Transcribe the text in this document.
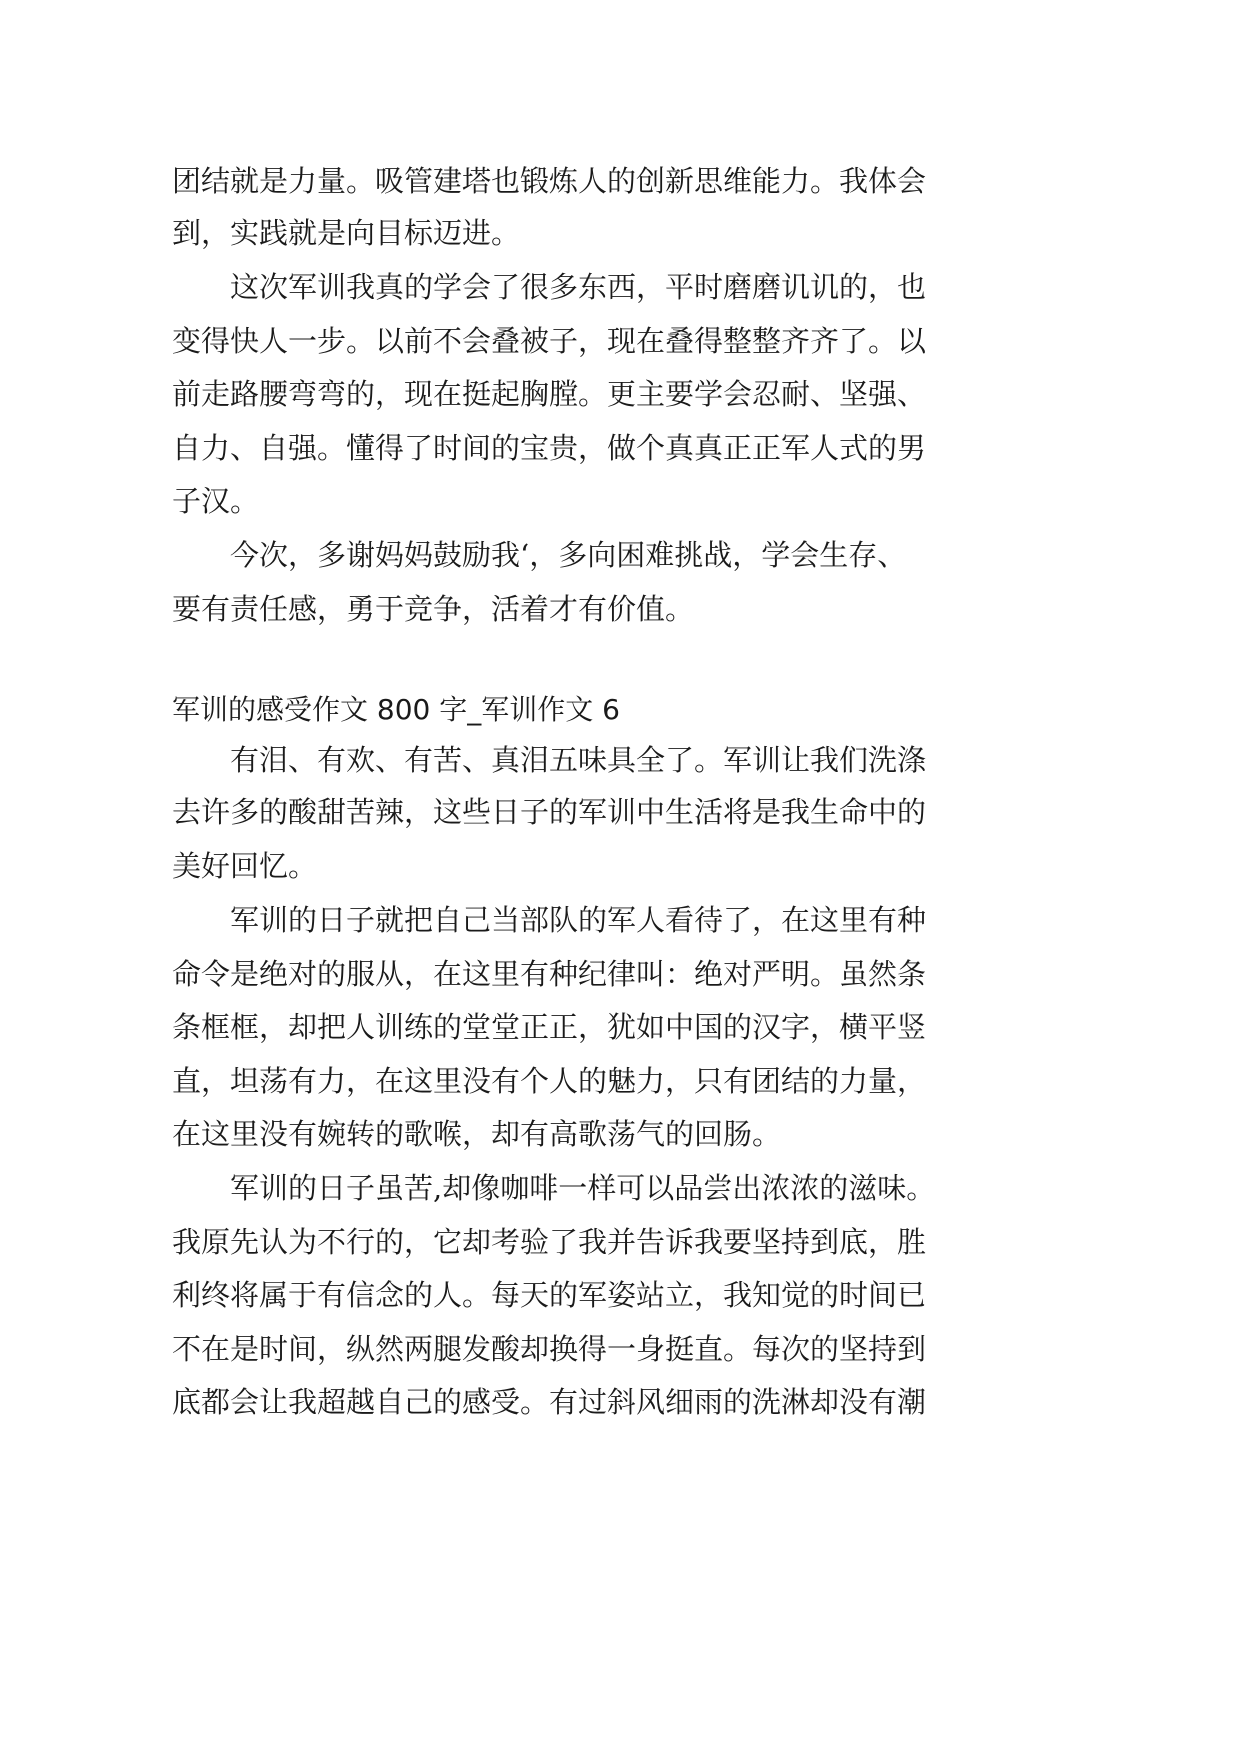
团结就是力量。吸管建塔也锻炼人的创新思维能力。我体会
到，实践就是向目标迈进。
这次军训我真的学会了很多东西，平时磨磨讥讥的，也
变得快人一步。以前不会叠被子，现在叠得整整齐齐了。以
前走路腰弯弯的，现在挺起胸膛。更主要学会忍耐、坚强、
自力、自强。懂得了时间的宝贵，做个真真正正军人式的男
子汉。
今次，多谢妈妈鼓励我‘，多向困难挑战，学会生存、
要有责任感，勇于竞争，活着才有价值。
军训的感受作文 800 字_军训作文 6
有泪、有欢、有苦、真泪五味具全了。军训让我们洗涤
去许多的酸甜苦辣，这些日子的军训中生活将是我生命中的
美好回忆。
军训的日子就把自己当部队的军人看待了，在这里有种
命令是绝对的服从，在这里有种纪律叫：绝对严明。虽然条
条框框，却把人训练的堂堂正正，犹如中国的汉字，横平竖
直，坦荡有力，在这里没有个人的魅力，只有团结的力量，
在这里没有婉转的歌喉，却有高歌荡气的回肠。
军训的日子虽苦,却像咖啡一样可以品尝出浓浓的滋味。
我原先认为不行的，它却考验了我并告诉我要坚持到底，胜
利终将属于有信念的人。每天的军姿站立，我知觉的时间已
不在是时间，纵然两腿发酸却换得一身挺直。每次的坚持到
底都会让我超越自己的感受。有过斜风细雨的洗淋却没有潮
